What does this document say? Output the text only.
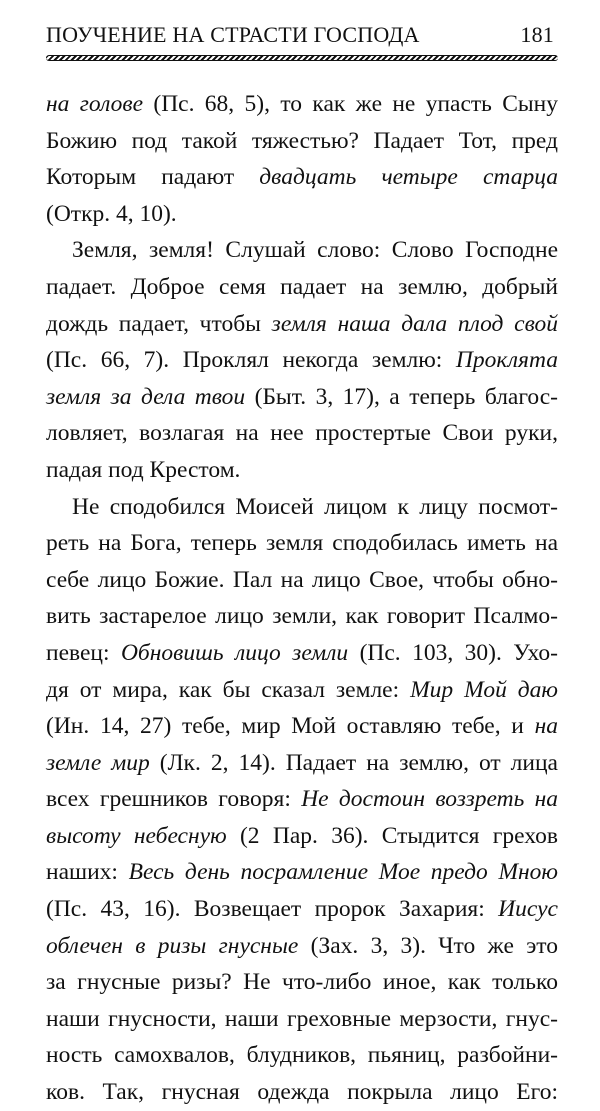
ПОУЧЕНИЕ НА СТРАСТИ ГОСПОДА	181
на голове (Пс. 68, 5), то как же не упасть Сыну
Божию под такой тяжестью? Падает Тот, пред
Которым падают двадцать четыре старца
(Откр. 4, 10).
Земля, земля! Слушай слово: Слово Господне
падает. Доброе семя падает на землю, добрый
дождь падает, чтобы земля наша дала плод свой
(Пс. 66, 7). Проклял некогда землю: Проклята
земля за дела твои (Быт. 3, 17), а теперь благос-
ловляет, возлагая на нее простертые Свои руки,
падая под Крестом.
Не сподобился Моисей лицом к лицу посмот-
реть на Бога, теперь земля сподобилась иметь на
себе лицо Божие. Пал на лицо Свое, чтобы обно-
вить застарелое лицо земли, как говорит Псалмо-
певец: Обновишь лицо земли (Пс. 103, 30). Ухо-
дя от мира, как бы сказал земле: Мир Мой даю
(Ин. 14, 27) тебе, мир Мой оставляю тебе, и на
земле мир (Лк. 2, 14). Падает на землю, от лица
всех грешников говоря: Не достоин воззреть на
высоту небесную (2 Пар. 36). Стыдится грехов
наших: Весь день посрамление Мое предо Мною
(Пс. 43, 16). Возвещает пророк Захария: Иисус
облечен в ризы гнусные (Зах. 3, 3). Что же это
за гнусные ризы? Не что-либо иное, как только
наши гнусности, наши греховные мерзости, гнус-
ность самохвалов, блудников, пьяниц, разбойни-
ков. Так, гнусная одежда покрыла лицо Его:
